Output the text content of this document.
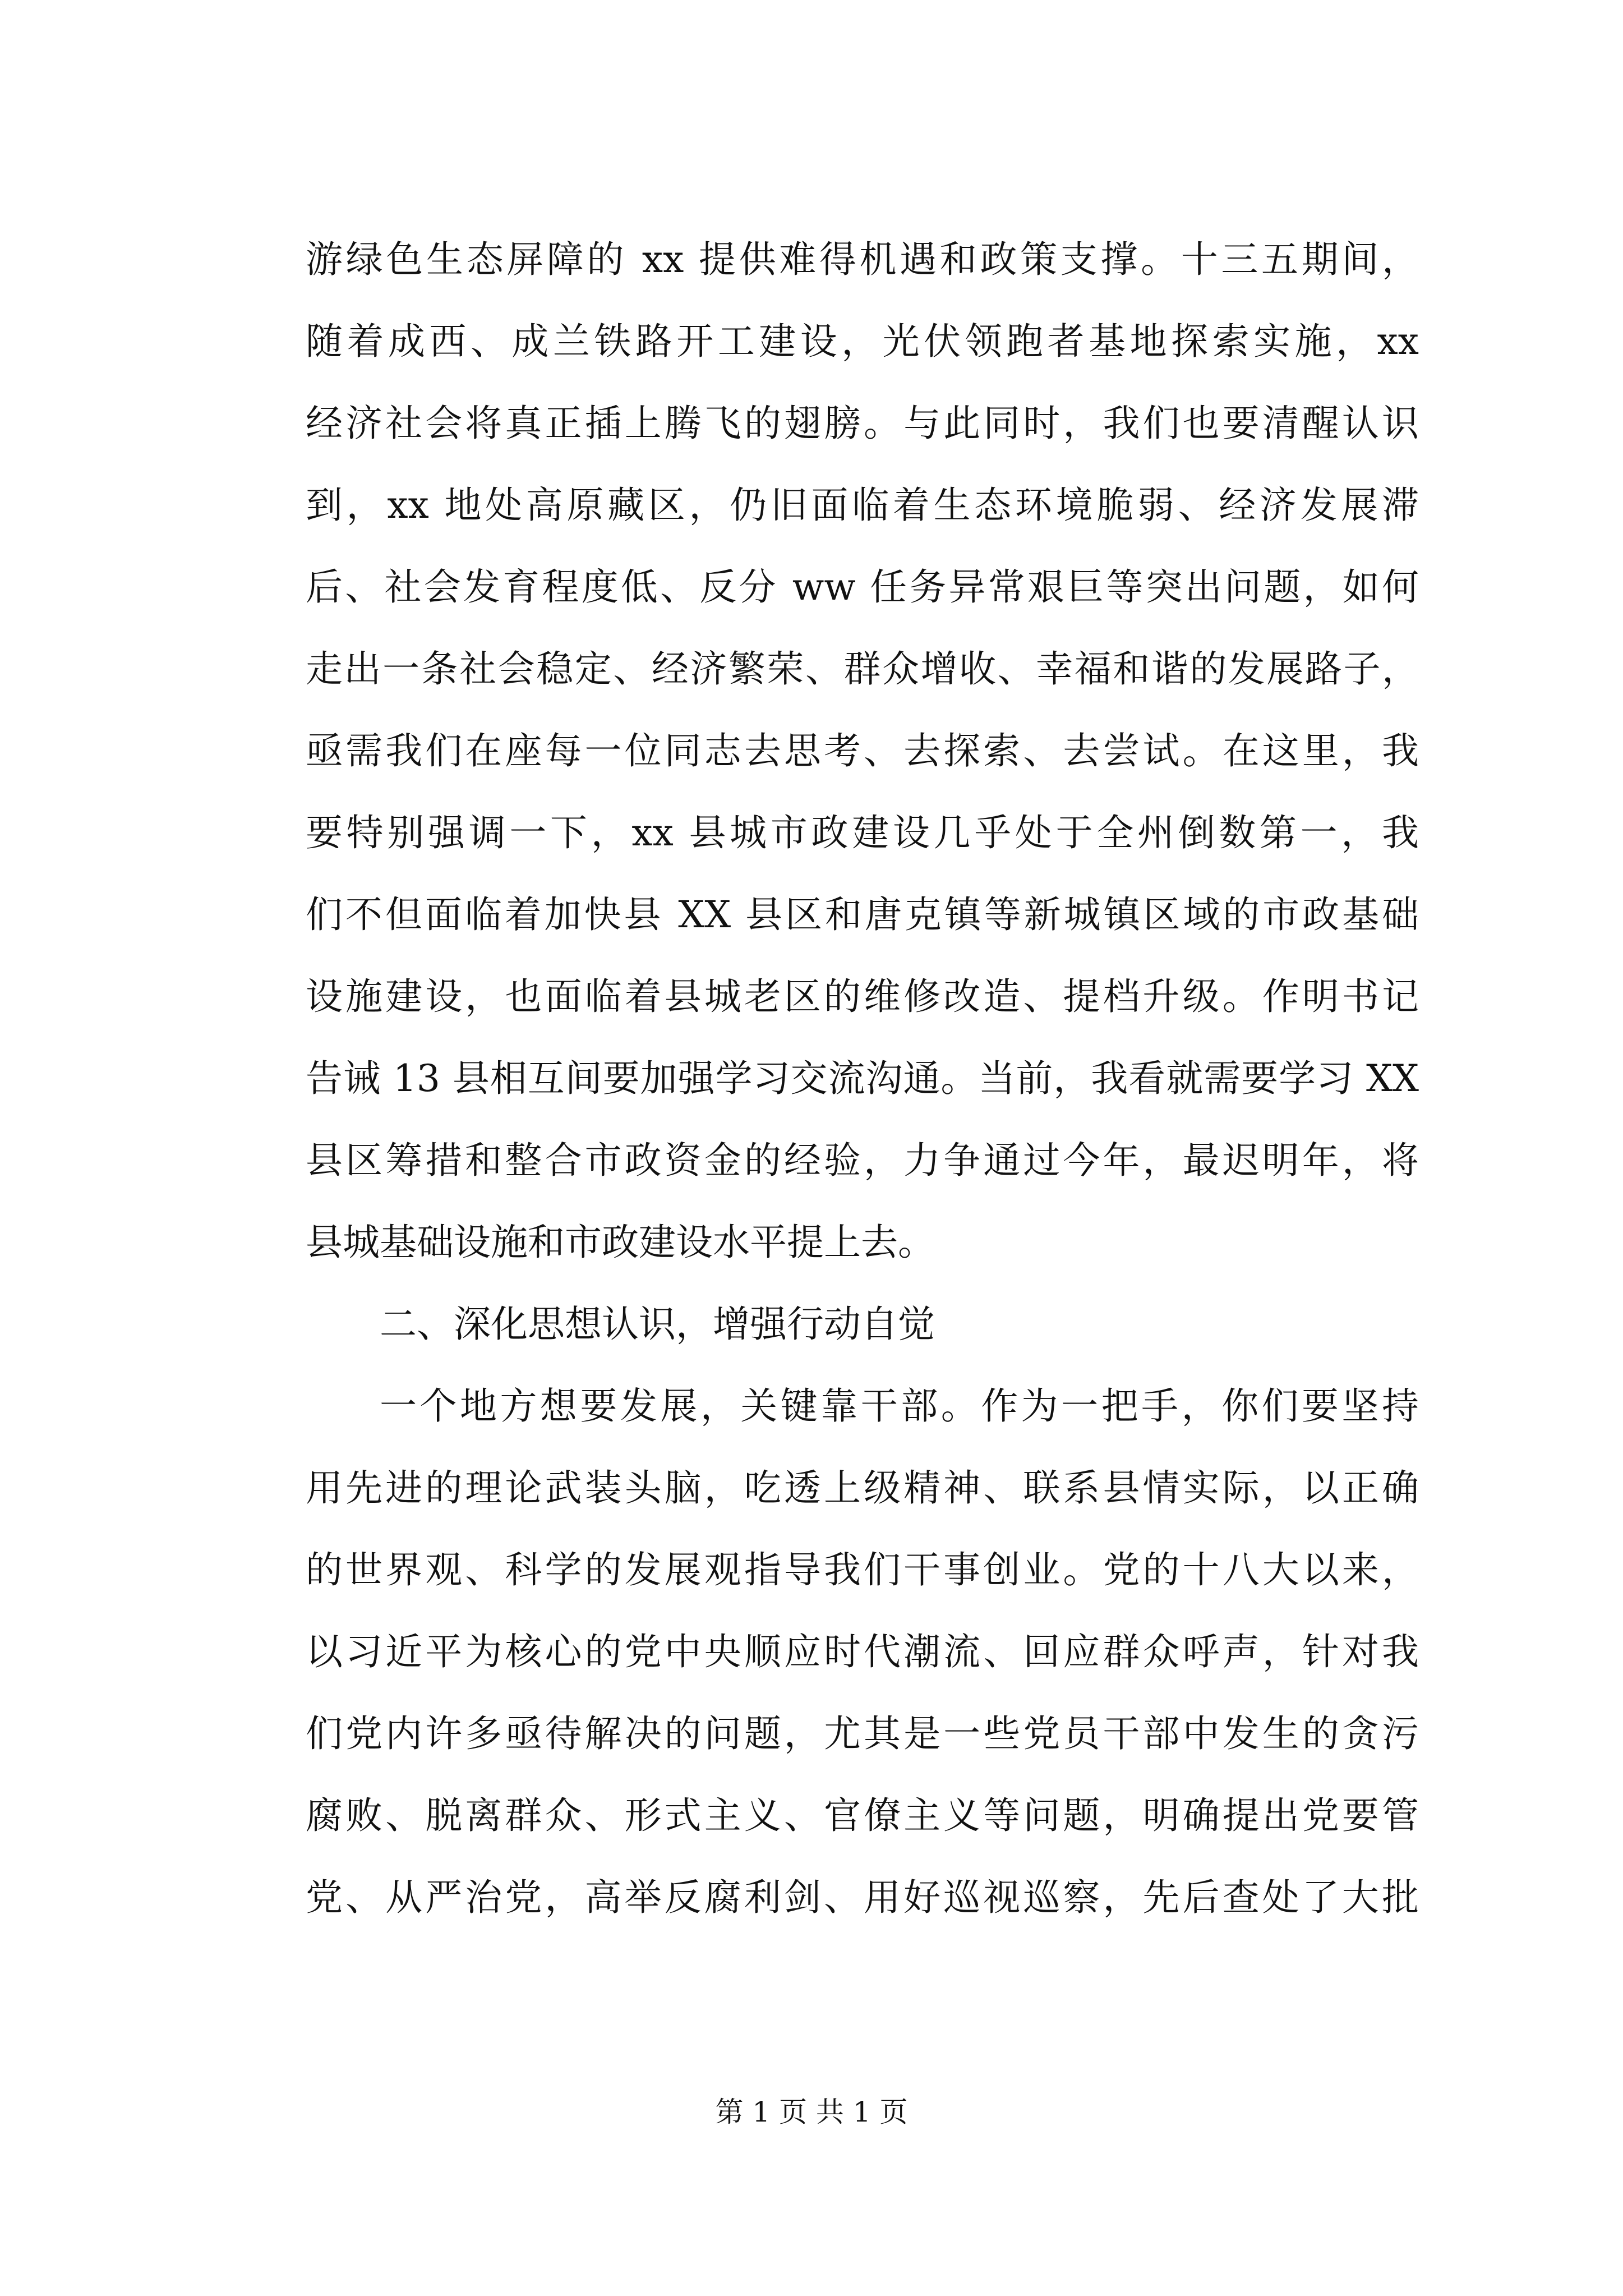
游绿色生态屏障的 xx 提供难得机遇和政策支撑。十三五期间，
随着成西、成兰铁路开工建设，光伏领跑者基地探索实施，xx
经济社会将真正插上腾飞的翅膀。与此同时，我们也要清醒认识
到，xx 地处高原藏区，仍旧面临着生态环境脆弱、经济发展滞
后、社会发育程度低、反分 ww 任务异常艰巨等突出问题，如何
走出一条社会稳定、经济繁荣、群众增收、幸福和谐的发展路子，
亟需我们在座每一位同志去思考、去探索、去尝试。在这里，我
要特别强调一下，xx 县城市政建设几乎处于全州倒数第一，我
们不但面临着加快县 XX 县区和唐克镇等新城镇区域的市政基础
设施建设，也面临着县城老区的维修改造、提档升级。作明书记
告诫 13 县相互间要加强学习交流沟通。当前，我看就需要学习 XX
县区筹措和整合市政资金的经验，力争通过今年，最迟明年，将
县城基础设施和市政建设水平提上去。
二、深化思想认识，增强行动自觉
一个地方想要发展，关键靠干部。作为一把手，你们要坚持
用先进的理论武装头脑，吃透上级精神、联系县情实际，以正确
的世界观、科学的发展观指导我们干事创业。党的十八大以来，
以习近平为核心的党中央顺应时代潮流、回应群众呼声，针对我
们党内许多亟待解决的问题，尤其是一些党员干部中发生的贪污
腐败、脱离群众、形式主义、官僚主义等问题，明确提出党要管
党、从严治党，高举反腐利剑、用好巡视巡察，先后查处了大批
第 1 页 共 1 页
